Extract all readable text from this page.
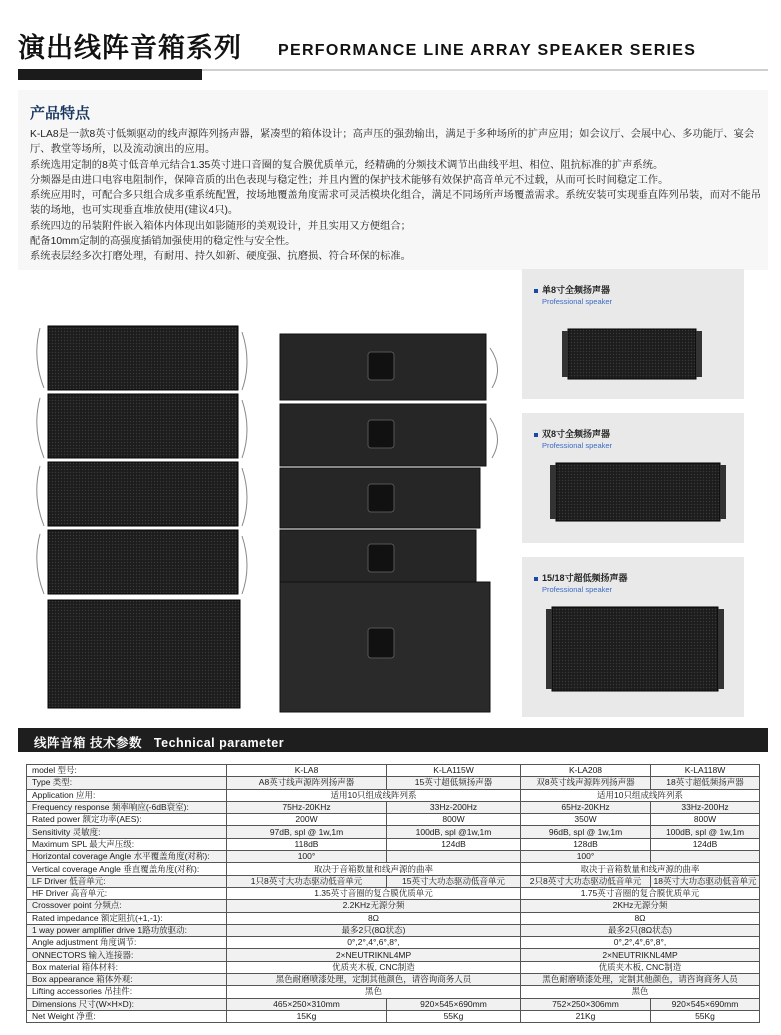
演出线阵音箱系列 PERFORMANCE LINE ARRAY SPEAKER SERIES
产品特点

K-LA8是一款8英寸低频驱动的线声源阵列扬声器，紧凑型的箱体设计；高声压的强劲输出，满足于多种场所的扩声应用；如会议厅、会展中心、多功能厅、宴会厅、教堂等场所，以及流动演出的应用。

系统选用定制的8英寸低音单元结合1.35英寸进口音圈的复合膜优质单元，经精确的分频技术调节出曲线平坦、相位、阻抗标准的扩声系统。

分频器是由进口电容电阻制作，保障音质的出色表现与稳定性；并且内置的保护技术能够有效保护高音单元不过载，从而可长时间稳定工作。

系统应用时，可配合多只组合成多重系统配置，按场地覆盖角度需求可灵活模块化组合，满足不同场所声场覆盖需求。系统安装可实现垂直阵列吊装，而对不能吊装的场地，也可实现垂直堆放使用(建议4只)。

系统四边的吊装附件嵌入箱体内体现出如影随形的美观设计，并且实用又方便组合；

配备10mm定制的高强度插销加强使用的稳定性与安全性。

系统表层经多次打磨处理，有耐用、持久如新、硬度强、抗磨损、符合环保的标准。

单8寸全频扬声器
Professional speaker
双8寸全频扬声器
Professional speaker
15/18寸超低频扬声器
Professional speaker
线阵音箱 技术参数 Technical parameter
model 型号:	K-LA8	K-LA115W	K-LA208	K-LA118W
Type 类型:	A8英寸线声源阵列扬声器	15英寸超低频扬声器	双8英寸线声源阵列扬声器	18英寸超低频扬声器
Application 应用:	适用10只组成线阵列系		适用10只组成线阵列系	
Frequency response 频率响应(-6dB衰室):	75Hz-20KHz	33Hz-200Hz	65Hz-20KHz	33Hz-200Hz
Rated power 额定功率(AES):	200W	800W	350W	800W
Sensitivity 灵敏度:	97dB, spl @ 1w,1m	100dB, spl @1w,1m	96dB, spl @ 1w,1m	100dB, spl @ 1w,1m
Maximum SPL 最大声压级:	118dB	124dB	128dB	124dB
Horizontal coverage Angle 水平覆盖角度(对称):	100°		100°	
Vertical coverage Angle 垂直覆盖角度(对称):	取决于音箱数量和线声源的曲率		取决于音箱数量和线声源的曲率	
LF Driver 低音单元:	1只8英寸大功态驱动低音单元	15英寸大功态驱动低音单元	2只8英寸大功态驱动低音单元	18英寸大功态驱动低音单元
HF Driver 高音单元:	1.35英寸音圈的复合膜优质单元		1.75英寸音圈的复合膜优质单元	
Crossover point 分频点:	2.2KHz无源分频		2KHz无源分频	
Rated impedance 额定阻抗(+1,-1):	8Ω		8Ω	
1 way power amplifier drive 1路功放驱动:	最多2只(8Ω状态)		最多2只(8Ω状态)	
Angle adjustment 角度调节:	0°,2°,4°,6°,8°,		0°,2°,4°,6°,8°,	
ONNECTORS 输入连接器:	2×NEUTRIKNL4MP		2×NEUTRIKNL4MP	
Box material 箱体材料:	优质夹木板, CNC制造		优质夹木板, CNC制造	
Box appearance 箱体外观:	黑色耐磨喷漆处理，定制其他颜色，请咨询商务人员		黑色耐磨喷漆处理，定制其他颜色，请咨询商务人员	
Lifting accessories 吊挂件:	黑色		黑色	
Dimensions 尺寸(W×H×D):	465×250×310mm	920×545×690mm	752×250×306mm	920×545×690mm
Net Weight 净重:	15Kg	55Kg	21Kg	55Kg
